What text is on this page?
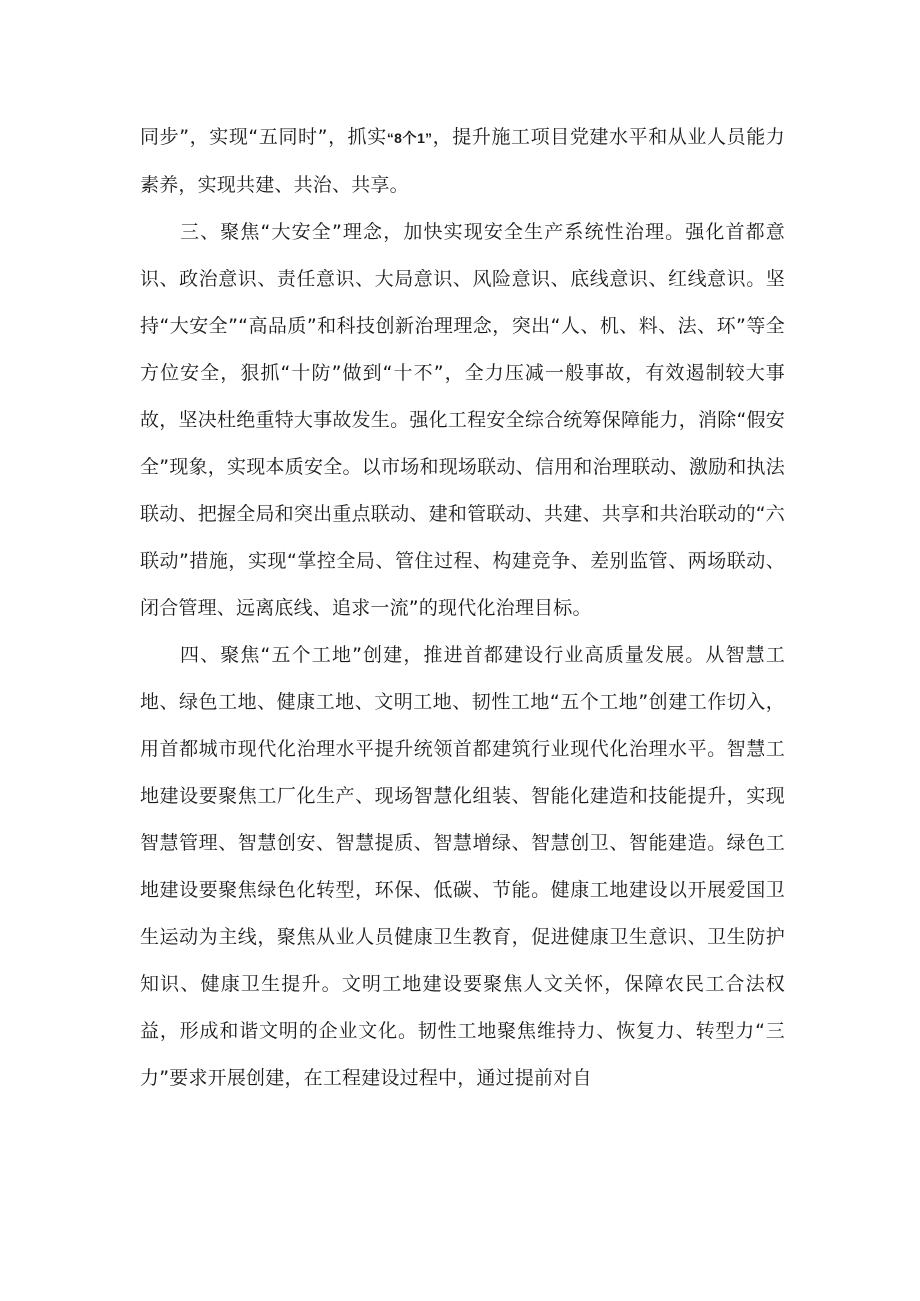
同步”，实现“五同时”，抓实“8个1”，提升施工项目党建水平和从业人员能力素养，实现共建、共治、共享。

三、聚焦“大安全”理念，加快实现安全生产系统性治理。强化首都意识、政治意识、责任意识、大局意识、风险意识、底线意识、红线意识。坚持“大安全”“高品质”和科技创新治理理念，突出“人、机、料、法、环”等全方位安全，狠抓“十防”做到“十不”，全力压减一般事故，有效遏制较大事故，坚决杜绝重特大事故发生。强化工程安全综合统筹保障能力，消除“假安全”现象，实现本质安全。以市场和现场联动、信用和治理联动、激励和执法联动、把握全局和突出重点联动、建和管联动、共建、共享和共治联动的“六联动”措施，实现“掌控全局、管住过程、构建竞争、差别监管、两场联动、闭合管理、远离底线、追求一流”的现代化治理目标。

四、聚焦“五个工地”创建，推进首都建设行业高质量发展。从智慧工地、绿色工地、健康工地、文明工地、韧性工地“五个工地”创建工作切入，用首都城市现代化治理水平提升统领首都建筑行业现代化治理水平。智慧工地建设要聚焦工厂化生产、现场智慧化组装、智能化建造和技能提升，实现智慧管理、智慧创安、智慧提质、智慧增绿、智慧创卫、智能建造。绿色工地建设要聚焦绿色化转型，环保、低碳、节能。健康工地建设以开展爱国卫生运动为主线，聚焦从业人员健康卫生教育，促进健康卫生意识、卫生防护知识、健康卫生提升。文明工地建设要聚焦人文关怀，保障农民工合法权益，形成和谐文明的企业文化。韧性工地聚焦维持力、恢复力、转型力“三力”要求开展创建，在工程建设过程中，通过提前对自
